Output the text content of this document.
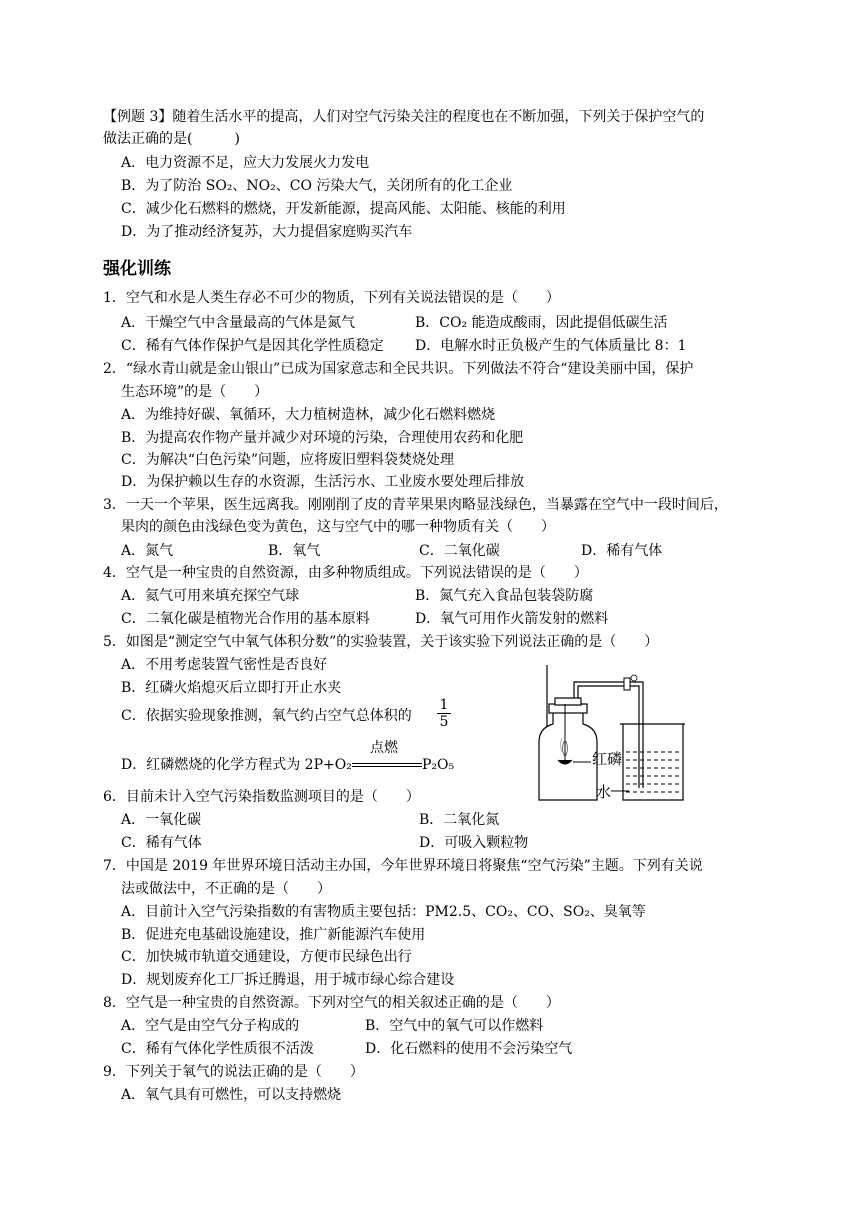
【例题 3】随着生活水平的提高，人们对空气污染关注的程度也在不断加强，下列关于保护空气的
做法正确的是(　　　)
A．电力资源不足，应大力发展火力发电
B．为了防治 SO₂、NO₂、CO 污染大气，关闭所有的化工企业
C．减少化石燃料的燃烧，开发新能源，提高风能、太阳能、核能的利用
D．为了推动经济复苏，大力提倡家庭购买汽车
强化训练
1．空气和水是人类生存必不可少的物质，下列有关说法错误的是（　　）
A．干燥空气中含量最高的气体是氮气	B．CO₂ 能造成酸雨，因此提倡低碳生活
C．稀有气体作保护气是因其化学性质稳定 D．电解水时正负极产生的气体质量比 8：1
2．“绿水青山就是金山银山”已成为国家意志和全民共识。下列做法不符合“建设美丽中国，保护
生态环境”的是（　　）
A．为维持好碳、氧循环，大力植树造林，减少化石燃料燃烧
B．为提高农作物产量并减少对环境的污染，合理使用农药和化肥
C．为解决“白色污染”问题，应将废旧塑料袋焚烧处理
D．为保护赖以生存的水资源，生活污水、工业废水要处理后排放
3．一天一个苹果，医生远离我。刚刚削了皮的青苹果果肉略显浅绿色，当暴露在空气中一段时间后，
果肉的颜色由浅绿色变为黄色，这与空气中的哪一种物质有关（　　）
A．氮气	B．氧气	C．二氧化碳	D．稀有气体
4．空气是一种宝贵的自然资源，由多种物质组成。下列说法错误的是（　　）
A．氦气可用来填充探空气球	B．氮气充入食品包装袋防腐
C．二氧化碳是植物光合作用的基本原料	D．氧气可用作火箭发射的燃料
5．如图是“测定空气中氧气体积分数”的实验装置，关于该实验下列说法正确的是（　　）
A．不用考虑装置气密性是否良好
B．红磷火焰熄灭后立即打开止水夹
C．依据实验现象推测，氧气约占空气总体积的 $\frac{1}{5}$
D．红磷燃烧的化学方程式为 2P+O₂
点燃
P₂O₅	红磷
水
6．目前未计入空气污染指数监测项目的是（　　）
A．一氧化碳	B．二氧化氮
C．稀有气体	D．可吸入颗粒物
7．中国是 2019 年世界环境日活动主办国，今年世界环境日将聚焦“空气污染”主题。下列有关说
法或做法中，不正确的是（　　）
A．目前计入空气污染指数的有害物质主要包括：PM2.5、CO₂、CO、SO₂、臭氧等
B．促进充电基础设施建设，推广新能源汽车使用
C．加快城市轨道交通建设，方便市民绿色出行
D．规划废弃化工厂拆迁腾退，用于城市绿心综合建设
8．空气是一种宝贵的自然资源。下列对空气的相关叙述正确的是（　　）
A．空气是由空气分子构成的	B．空气中的氧气可以作燃料
C．稀有气体化学性质很不活泼	D．化石燃料的使用不会污染空气
9．下列关于氧气的说法正确的是（　　）
A．氧气具有可燃性，可以支持燃烧
